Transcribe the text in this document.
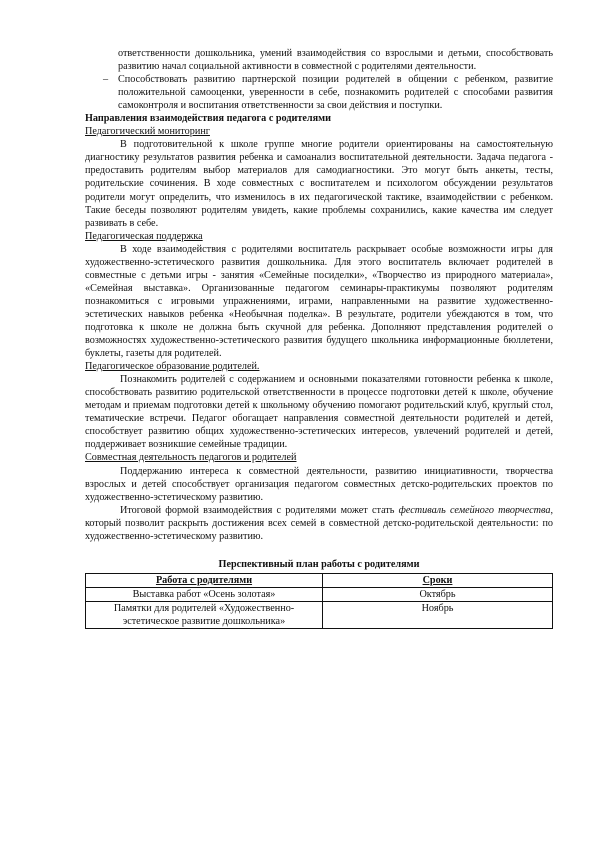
ответственности дошкольника, умений взаимодействия со взрослыми и детьми, способствовать развитию начал социальной активности в совместной с родителями деятельности.

– Способствовать развитию партнерской позиции родителей в общении с ребенком, развитие положительной самооценки, уверенности в себе, познакомить родителей с способами развития самоконтроля и воспитания ответственности за свои действия и поступки.

Направления взаимодействия педагога с родителями

Педагогический мониторинг

В подготовительной к школе группе многие родители ориентированы на самостоятельную диагностику результатов развития ребенка и самоанализ воспитательной деятельности. Задача педагога - предоставить родителям выбор материалов для самодиагностики. Это могут быть анкеты, тесты, родительские сочинения. В ходе совместных с воспитателем и психологом обсуждении результатов родители могут определить, что изменилось в их педагогической тактике, взаимодействии с ребенком. Такие беседы позволяют родителям увидеть, какие проблемы сохранились, какие качества им следует развивать в себе.

Педагогическая поддержка

В ходе взаимодействия с родителями воспитатель раскрывает особые возможности игры для художественно-эстетического развития дошкольника. Для этого воспитатель включает родителей в совместные с детьми игры - занятия «Семейные посиделки», «Творчество из природного материала», «Семейная выставка». Организованные педагогом семинары-практикумы позволяют родителям познакомиться с игровыми упражнениями, играми, направленными на развитие художественно-эстетических навыков ребенка «Необычная поделка». В результате, родители убеждаются в том, что подготовка к школе не должна быть скучной для ребенка. Дополняют представления родителей о возможностях художественно-эстетического развития будущего школьника информационные бюллетени, буклеты, газеты для родителей.

Педагогическое образование родителей.

Познакомить родителей с содержанием и основными показателями готовности ребенка к школе, способствовать развитию родительской ответственности в процессе подготовки детей к школе, обучение методам и приемам подготовки детей к школьному обучению помогают родительский клуб, круглый стол, тематические встречи. Педагог обогащает направления совместной деятельности родителей и детей, способствует развитию общих художественно-эстетических интересов, увлечений родителей и детей, поддерживает возникшие семейные традиции.

Совместная деятельность педагогов и родителей

Поддержанию интереса к совместной деятельности, развитию инициативности, творчества взрослых и детей способствует организация педагогом совместных детско-родительских проектов по художественно-эстетическому развитию.

Итоговой формой взаимодействия с родителями может стать фестиваль семейного творчества, который позволит раскрыть достижения всех семей в совместной детско-родительской деятельности: по художественно-эстетическому развитию.

Перспективный план работы с родителями

Работа с родителями	Сроки
Выставка работ «Осень золотая»	Октябрь
Памятки для родителей «Художественно-эстетическое развитие дошкольника»	Ноябрь
